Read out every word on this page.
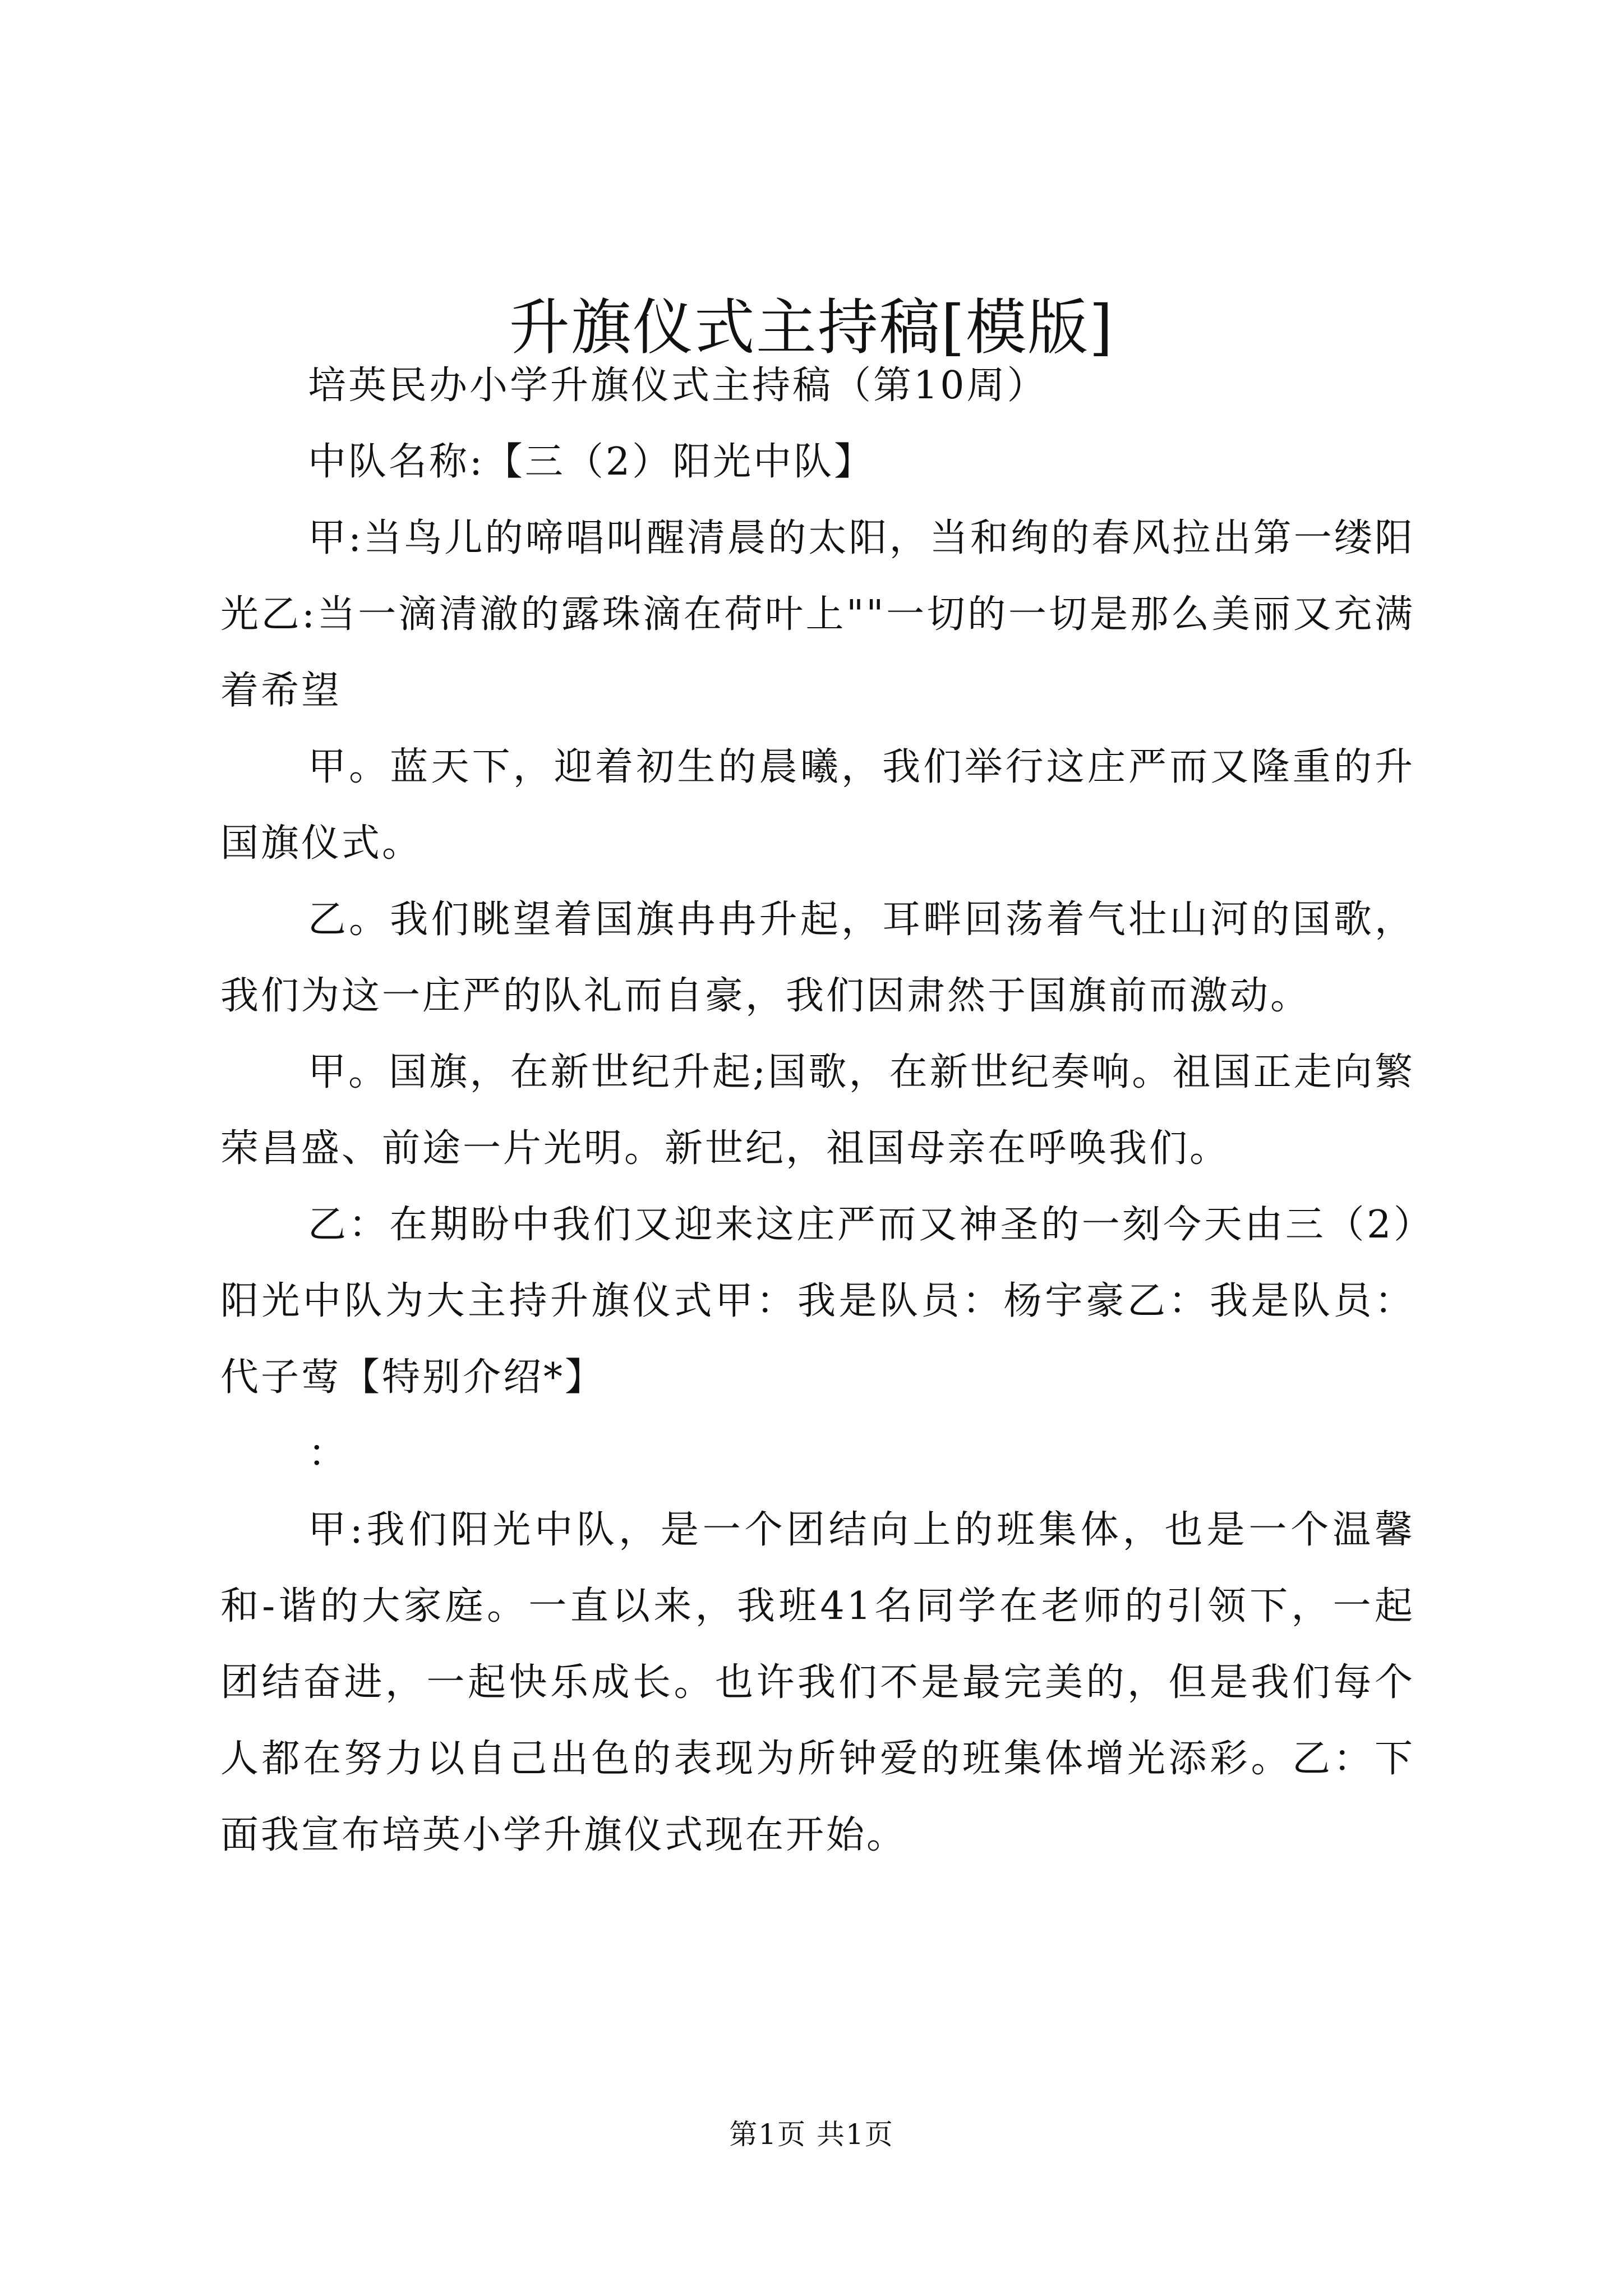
升旗仪式主持稿[模版]

培英民办小学升旗仪式主持稿（第10周）

中队名称:【三（2）阳光中队】

甲:当鸟儿的啼唱叫醒清晨的太阳，当和绚的春风拉出第一缕阳光乙:当一滴清澈的露珠滴在荷叶上""一切的一切是那么美丽又充满着希望

甲。蓝天下，迎着初生的晨曦，我们举行这庄严而又隆重的升国旗仪式。

乙。我们眺望着国旗冉冉升起，耳畔回荡着气壮山河的国歌，我们为这一庄严的队礼而自豪，我们因肃然于国旗前而激动。

甲。国旗，在新世纪升起;国歌，在新世纪奏响。祖国正走向繁荣昌盛、前途一片光明。新世纪，祖国母亲在呼唤我们。

乙：在期盼中我们又迎来这庄严而又神圣的一刻今天由三（2）阳光中队为大主持升旗仪式甲：我是队员：杨宇豪乙：我是队员：代子莺【特别介绍*】

：

甲:我们阳光中队，是一个团结向上的班集体，也是一个温馨和-谐的大家庭。一直以来，我班41名同学在老师的引领下，一起团结奋进，一起快乐成长。也许我们不是最完美的，但是我们每个人都在努力以自己出色的表现为所钟爱的班集体增光添彩。乙：下面我宣布培英小学升旗仪式现在开始。

第1页 共1页
